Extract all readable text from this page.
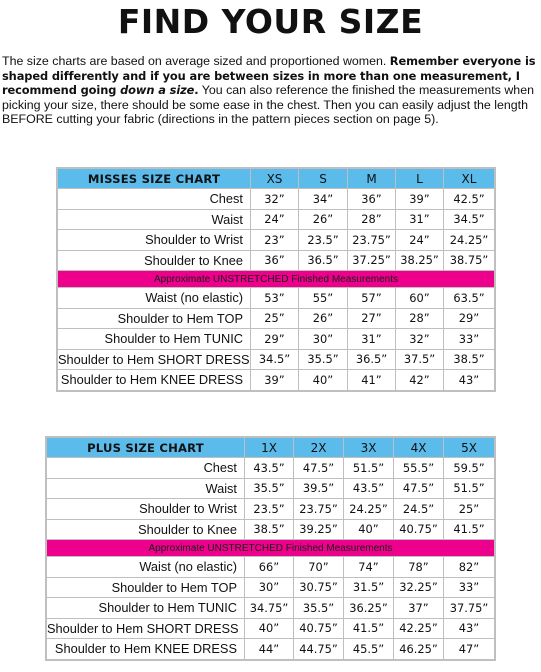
FIND YOUR SIZE

The size charts are based on average sized and proportioned women. Remember everyone is shaped differently and if you are between sizes in more than one measurement, I recommend going down a size. You can also reference the finished the measurements when picking your size, there should be some ease in the chest. Then you can easily adjust the length BEFORE cutting your fabric (directions in the pattern pieces section on page 5).

MISSES SIZE CHART	XS	S	M	L	XL
Chest	32”	34”	36”	39”	42.5”
Waist	24”	26”	28”	31”	34.5”
Shoulder to Wrist	23”	23.5”	23.75”	24”	24.25”
Shoulder to Knee	36”	36.5”	37.25”	38.25”	38.75”
Approximate UNSTRETCHED Finished Measurements					
Waist (no elastic)	53”	55”	57”	60”	63.5”
Shoulder to Hem TOP	25”	26”	27”	28”	29”
Shoulder to Hem TUNIC	29”	30”	31”	32”	33”
Shoulder to Hem SHORT DRESS	34.5”	35.5”	36.5”	37.5”	38.5”
Shoulder to Hem KNEE DRESS	39”	40”	41”	42”	43”
PLUS SIZE CHART	1X	2X	3X	4X	5X
Chest	43.5”	47.5”	51.5”	55.5”	59.5”
Waist	35.5”	39.5”	43.5”	47.5”	51.5”
Shoulder to Wrist	23.5”	23.75”	24.25”	24.5”	25”
Shoulder to Knee	38.5”	39.25”	40”	40.75”	41.5”
Approximate UNSTRETCHED Finished Measurements					
Waist (no elastic)	66”	70”	74”	78”	82”
Shoulder to Hem TOP	30”	30.75”	31.5”	32.25”	33”
Shoulder to Hem TUNIC	34.75”	35.5”	36.25”	37”	37.75”
Shoulder to Hem SHORT DRESS	40”	40.75”	41.5”	42.25”	43”
Shoulder to Hem KNEE DRESS	44”	44.75”	45.5”	46.25”	47”
